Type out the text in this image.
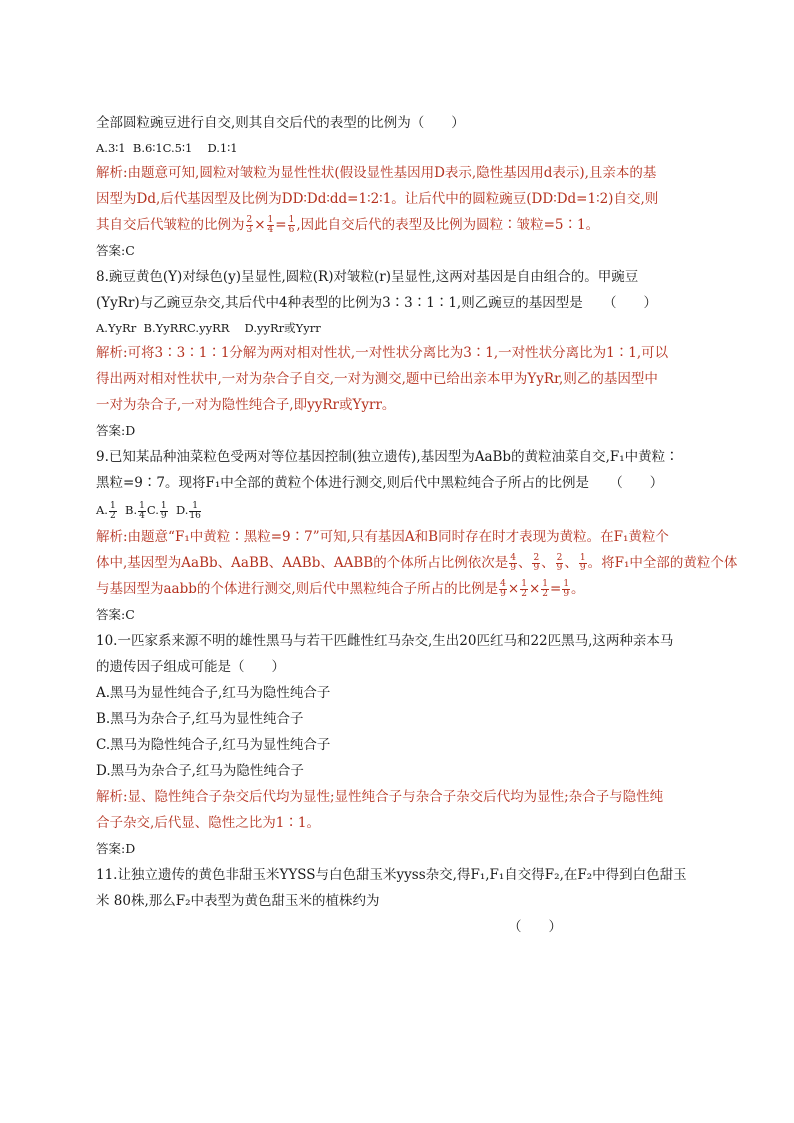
全部圆粒豌豆进行自交,则其自交后代的表型的比例为（　　）
A.3∶1  B.6∶1C.5∶1　 D.1∶1
解析:由题意可知,圆粒对皱粒为显性性状(假设显性基因用D表示,隐性基因用d表示),且亲本的基
因型为Dd,后代基因型及比例为DD∶Dd∶dd=1∶2∶1。让后代中的圆粒豌豆(DD∶Dd=1∶2)自交,则
其自交后代皱粒的比例为 $\frac{2}{3} \times \frac{1}{4} = \frac{1}{6}$ ,因此自交后代的表型及比例为圆粒∶皱粒=5∶1。
答案:C
8.豌豆黄色(Y)对绿色(y)呈显性,圆粒(R)对皱粒(r)呈显性,这两对基因是自由组合的。甲豌豆
(YyRr)与乙豌豆杂交,其后代中4种表型的比例为3∶3∶1∶1,则乙豌豆的基因型是　　（　　）
A.YyRr  B.YyRRC.yyRR　 D.yyRr或Yyrr
解析:可将3∶3∶1∶1分解为两对相对性状,一对性状分离比为3∶1,一对性状分离比为1∶1,可以
得出两对相对性状中,一对为杂合子自交,一对为测交,题中已给出亲本甲为YyRr,则乙的基因型中
一对为杂合子,一对为隐性纯合子,即yyRr或Yyrr。
答案:D
9.已知某品种油菜粒色受两对等位基因控制(独立遗传),基因型为AaBb的黄粒油菜自交,F₁中黄粒∶
黑粒=9∶7。现将F₁中全部的黄粒个体进行测交,则后代中黑粒纯合子所占的比例是　　（　　）
A. $\frac{1}{2} B$. $\frac{1}{4} C$. $\frac{1}{9} D$. $\frac{1}{16}$
解析:由题意“F₁中黄粒∶黑粒=9∶7”可知,只有基因A和B同时存在时才表现为黄粒。在F₁黄粒个
体中,基因型为AaBb、AaBB、AABb、AABB的个体所占比例依次是 $\frac{4}{9}$ 、 $\frac{2}{9}$ 、 $\frac{2}{9}$ 、 $\frac{1}{9}$ 。将F₁中全部的黄粒个体
与基因型为aabb的个体进行测交,则后代中黑粒纯合子所占的比例是 $\frac{4}{9} \times \frac{1}{2} \times \frac{1}{2} = \frac{1}{9}$ 。
答案:C
10.一匹家系来源不明的雄性黑马与若干匹雌性红马杂交,生出20匹红马和22匹黑马,这两种亲本马
的遗传因子组成可能是（　　）
A.黑马为显性纯合子,红马为隐性纯合子
B.黑马为杂合子,红马为显性纯合子
C.黑马为隐性纯合子,红马为显性纯合子
D.黑马为杂合子,红马为隐性纯合子
解析:显、隐性纯合子杂交后代均为显性;显性纯合子与杂合子杂交后代均为显性;杂合子与隐性纯
合子杂交,后代显、隐性之比为1∶1。
答案:D
11.让独立遗传的黄色非甜玉米YYSS与白色甜玉米yyss杂交,得F₁,F₁自交得F₂,在F₂中得到白色甜玉
米 80株,那么F₂中表型为黄色甜玉米的植株约为
（　　）
